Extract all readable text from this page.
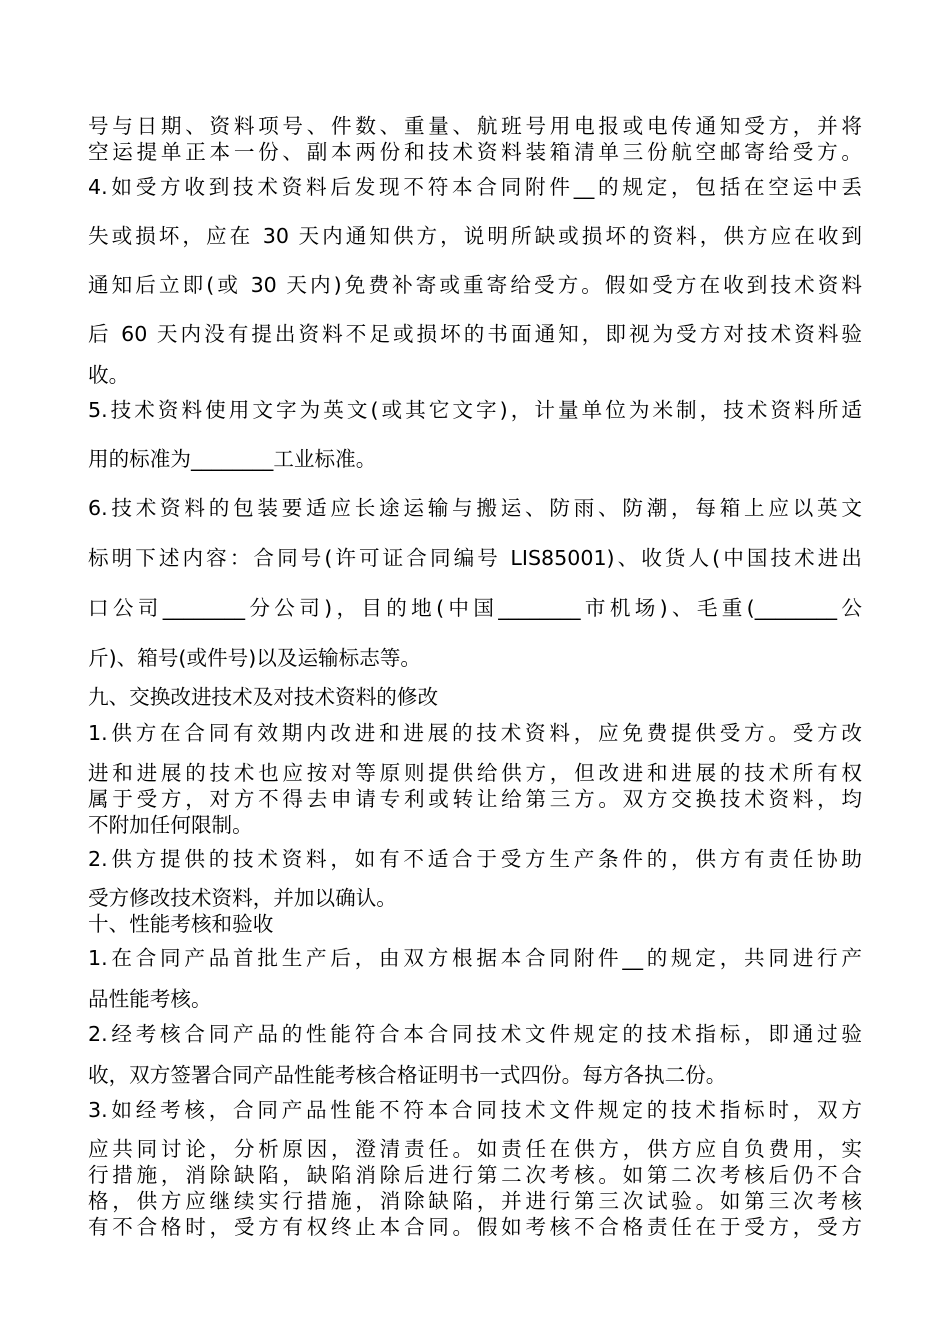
号与日期、资料项号、件数、重量、航班号用电报或电传通知受方，并将
空运提单正本一份、副本两份和技术资料装箱清单三份航空邮寄给受方。
4.如受方收到技术资料后发现不符本合同附件__的规定，包括在空运中丢
失或损坏，应在 30 天内通知供方，说明所缺或损坏的资料，供方应在收到
通知后立即(或 30 天内)免费补寄或重寄给受方。假如受方在收到技术资料
后 60 天内没有提出资料不足或损坏的书面通知，即视为受方对技术资料验
收。
5.技术资料使用文字为英文(或其它文字)，计量单位为米制，技术资料所适
用的标准为________工业标准。
6.技术资料的包装要适应长途运输与搬运、防雨、防潮，每箱上应以英文
标明下述内容：合同号(许可证合同编号 LIS85001)、收货人(中国技术进出
口公司________分公司)，目的地(中国________市机场)、毛重(________公
斤)、箱号(或件号)以及运输标志等。
九、交换改进技术及对技术资料的修改
1.供方在合同有效期内改进和进展的技术资料，应免费提供受方。受方改
进和进展的技术也应按对等原则提供给供方，但改进和进展的技术所有权
属于受方，对方不得去申请专利或转让给第三方。双方交换技术资料，均
不附加任何限制。
2.供方提供的技术资料，如有不适合于受方生产条件的，供方有责任协助
受方修改技术资料，并加以确认。
十、性能考核和验收
1.在合同产品首批生产后，由双方根据本合同附件__的规定，共同进行产
品性能考核。
2.经考核合同产品的性能符合本合同技术文件规定的技术指标，即通过验
收，双方签署合同产品性能考核合格证明书一式四份。每方各执二份。
3.如经考核，合同产品性能不符本合同技术文件规定的技术指标时，双方
应共同讨论，分析原因，澄清责任。如责任在供方，供方应自负费用，实
行措施，消除缺陷，缺陷消除后进行第二次考核。如第二次考核后仍不合
格，供方应继续实行措施，消除缺陷，并进行第三次试验。如第三次考核
有不合格时，受方有权终止本合同。假如考核不合格责任在于受方，受方
